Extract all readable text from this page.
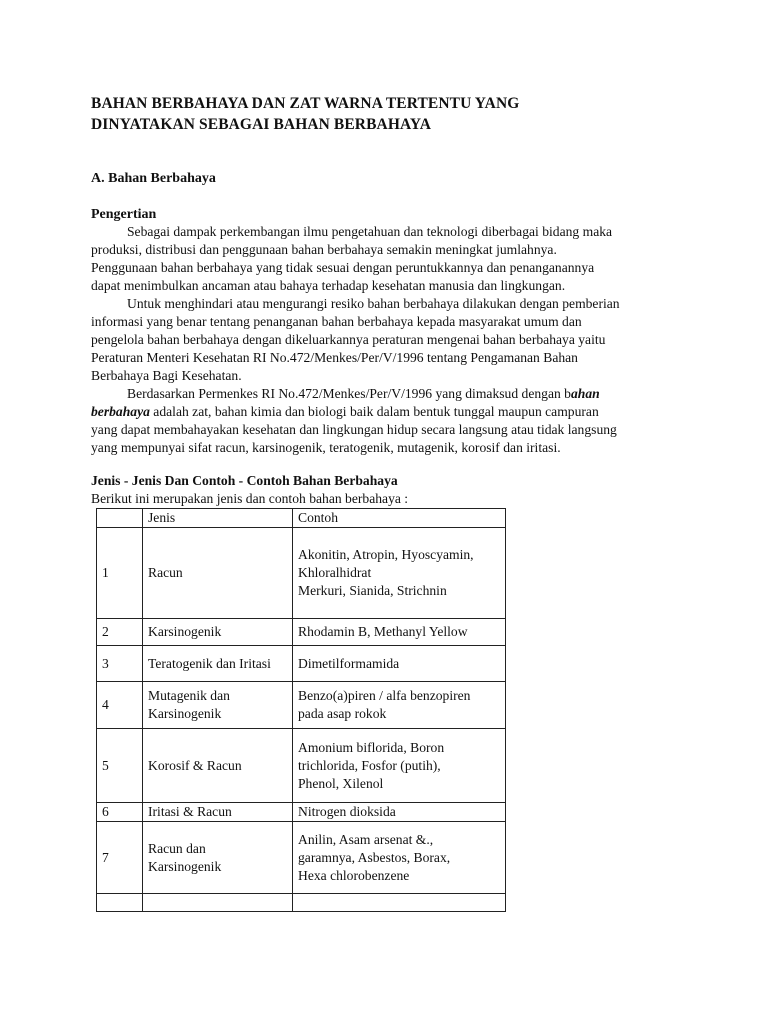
BAHAN BERBAHAYA DAN ZAT WARNA TERTENTU YANG
DINYATAKAN SEBAGAI BAHAN BERBAHAYA
A. Bahan Berbahaya
Pengertian
Sebagai dampak perkembangan ilmu pengetahuan dan teknologi diberbagai bidang maka
produksi, distribusi dan penggunaan bahan berbahaya semakin meningkat jumlahnya.
Penggunaan bahan berbahaya yang tidak sesuai dengan peruntukkannya dan penanganannya
dapat menimbulkan ancaman atau bahaya terhadap kesehatan manusia dan lingkungan.
Untuk menghindari atau mengurangi resiko bahan berbahaya dilakukan dengan pemberian
informasi yang benar tentang penanganan bahan berbahaya kepada masyarakat umum dan
pengelola bahan berbahaya dengan dikeluarkannya peraturan mengenai bahan berbahaya yaitu
Peraturan Menteri Kesehatan RI No.472/Menkes/Per/V/1996 tentang Pengamanan Bahan
Berbahaya Bagi Kesehatan.
Berdasarkan Permenkes RI No.472/Menkes/Per/V/1996 yang dimaksud dengan bahan
berbahaya adalah zat, bahan kimia dan biologi baik dalam bentuk tunggal maupun campuran
yang dapat membahayakan kesehatan dan lingkungan hidup secara langsung atau tidak langsung
yang mempunyai sifat racun, karsinogenik, teratogenik, mutagenik, korosif dan iritasi.
Jenis - Jenis Dan Contoh - Contoh Bahan Berbahaya
Berikut ini merupakan jenis dan contoh bahan berbahaya :
	Jenis	Contoh
1	Racun	Akonitin, Atropin, Hyoscyamin,
Khloralhidrat
Merkuri, Sianida, Strichnin

2	Karsinogenik	Rhodamin B, Methanyl Yellow

3	Teratogenik dan Iritasi	Dimetilformamida

4	Mutagenik dan
Karsinogenik	Benzo(a)piren / alfa benzopiren
pada asap rokok

5	Korosif & Racun	Amonium biflorida, Boron
trichlorida, Fosfor (putih),
Phenol, Xilenol

6	Iritasi & Racun	Nitrogen dioksida

7	Racun dan
Karsinogenik	Anilin, Asam arsenat &.,
garamnya, Asbestos, Borax,
Hexa chlorobenzene
